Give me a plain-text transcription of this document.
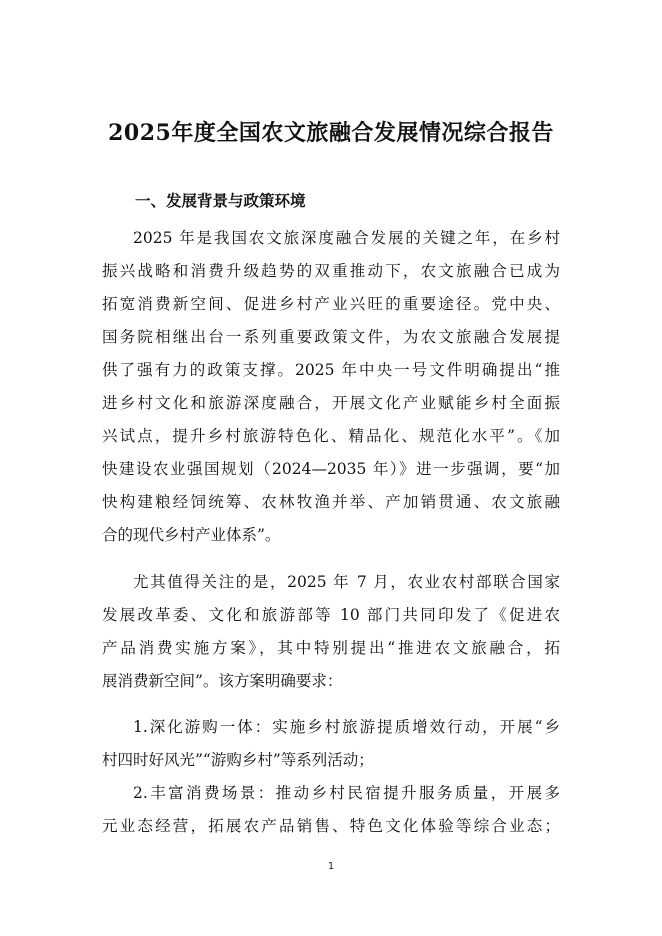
2025年度全国农文旅融合发展情况综合报告
一、发展背景与政策环境
2025 年是我国农文旅深度融合发展的关键之年，在乡村
振兴战略和消费升级趋势的双重推动下，农文旅融合已成为
拓宽消费新空间、促进乡村产业兴旺的重要途径。党中央、
国务院相继出台一系列重要政策文件，为农文旅融合发展提
供了强有力的政策支撑。2025 年中央一号文件明确提出“推
进乡村文化和旅游深度融合，开展文化产业赋能乡村全面振
兴试点，提升乡村旅游特色化、精品化、规范化水平”。《加
快建设农业强国规划（2024—2035 年）》进一步强调，要“加
快构建粮经饲统筹、农林牧渔并举、产加销贯通、农文旅融
合的现代乡村产业体系”。
尤其值得关注的是，2025 年 7 月，农业农村部联合国家
发展改革委、文化和旅游部等 10 部门共同印发了《促进农
产品消费实施方案》，其中特别提出“推进农文旅融合，拓
展消费新空间”。该方案明确要求：
1.深化游购一体：实施乡村旅游提质增效行动，开展“乡
村四时好风光”“游购乡村”等系列活动；
2.丰富消费场景：推动乡村民宿提升服务质量，开展多
元业态经营，拓展农产品销售、特色文化体验等综合业态；
1
